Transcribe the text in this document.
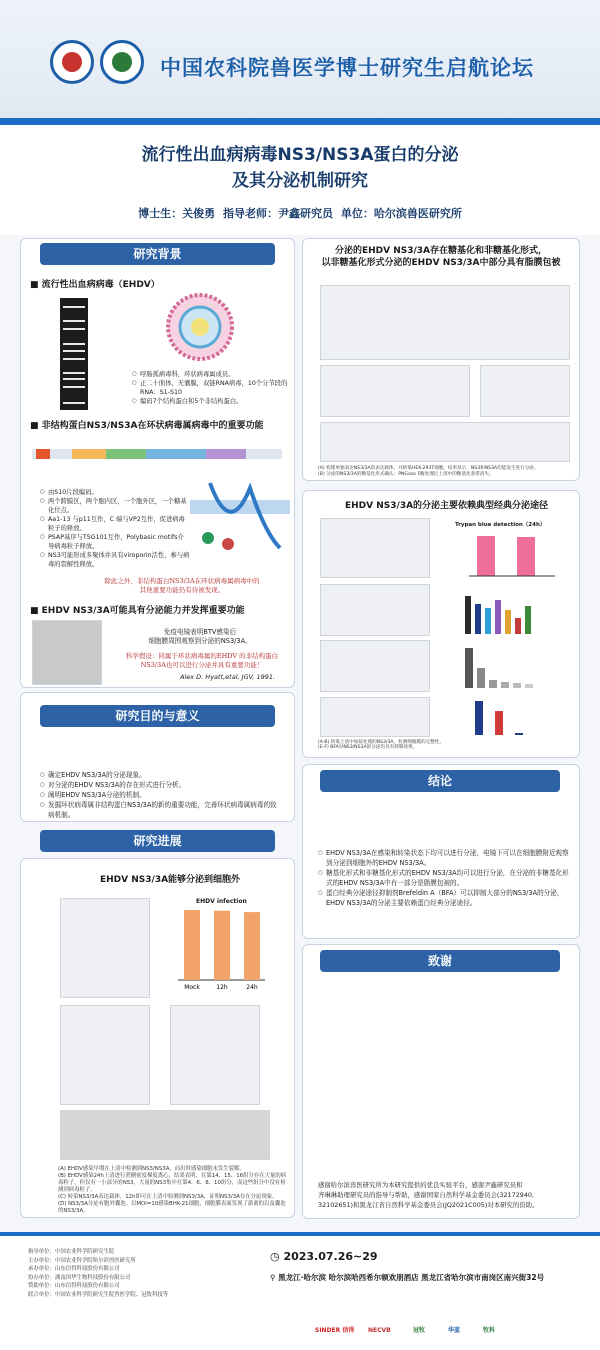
中国农科院兽医学博士研究生启航论坛
流行性出血病病毒NS3/NS3A蛋白的分泌
及其分泌机制研究
博士生：关俊勇 指导老师：尹鑫研究员 单位：哈尔滨兽医研究所
研究背景
■ 流行性出血病病毒（EHDV）
○ 呼肠孤病毒科，环状病毒属成员。
○ 正二十面体，无囊膜，双链RNA病毒，10个分节段的RNA：S1-S10
○ 编码7个结构蛋白和5个非结构蛋白。
■ 非结构蛋白NS3/NS3A在环状病毒属病毒中的重要功能
○ 由S10片段编码。
○ 两个跨膜区，两个胞内区，一个胞外区，一个糖基化位点。
○ Aa1-13 与p11互作，C 端与VP2互作，促进病毒粒子的释放。
○ PSAP基序与TSG101互作，Polybasic motifs介导病毒粒子释放。
○ NS3可能形成多聚体并具有viroporin活性，参与病毒的裂解性释放。
除此之外，非结构蛋白NS3/3A在环状病毒属病毒中的
其他重要功能仍有待被发现。
■ EHDV NS3/3A可能具有分泌能力并发挥重要功能
免疫电镜表明BTV感染后
细胞膜周围观察到分泌的NS3/3A。
科学假设：同属于环状病毒属的EHDV 的非结构蛋白
NS3/3A也可以进行分泌并具有重要功能！
Alex D. Hyatt,etal, JGV, 1991.
研究目的与意义
○ 确定EHDV NS3/3A的分泌现象。
○ 对分泌的EHDV NS3/3A的存在形式进行分析。
○ 阐明EHDV NS3/3A分泌的机制。
○ 发掘环状病毒属非结构蛋白NS3/3A的新的重要功能，完善环状病毒属病毒的致病机制。
研究进展
EHDV NS3/3A能够分泌到细胞外
EHDV infection
Mock	12h	24h
(A) EHDV感染早期在上清中检测到NS3/NS3A，而出时感染细胞未发生裂解。
(B) EHDV感染24h上清进行蔗糖密度梯度离心，结果表明，在第14、15、16组分存在大量的病毒粒子，但仅有一小部分的NS3，大量的NS3集中在第4、6、8、10组分，而这些组分中没有检测到病毒粒子。
(C) 转染NS3/3A表达载体，12h即可在上清中检测到NS3/3A，证明NS3/3A存在分泌现象。
(D) NS3/3A分泌有胞外囊泡。以MOI=10感染BHK-21细胞，细胞膜表面发现了游离的以及囊泡的NS3/3A。
分泌的EHDV NS3/3A存在糖基化和非糖基化形式，
以非糖基化形式分泌的EHDV NS3/3A中部分具有脂膜包被
(A) 构建单独表达NS3/3A的表达载体，并转染HEK-293T细胞，结果显示，NS3和NS3A均能发生进行分泌。
(B) 分泌的NS3/3A的糖基化形式确认：PNGase F酶处理后上清中的糖基化条带消失。
EHDV NS3/3A的分泌主要依赖典型经典分泌途径
Trypan blue detection（24h）
(A-B) 转染上清中加盐处理的NS3/3A，检测细胞膜的完整性。
(E-F) BFA对NS3/NS3A的分泌均具有抑制效果。
结论
○ EHDV NS3/3A在感染和转染状态下均可以进行分泌，电镜下可以在细胞膜附近观察到分泌到细胞外的EHDV NS3/3A。
○ 糖基化形式和非糖基化形式的EHDV NS3/3A均可以进行分泌，在分泌的非糖基化形式的EHDV NS3/3A中有一部分是脂膜包被的。
○ 蛋白经典分泌途径抑制剂Brefeldin A（BFA）可以抑制大部分的NS3/3A的分泌，EHDV NS3/3A的分泌主要依赖蛋白经典分泌途径。
致谢
感谢哈尔滨兽医研究所为本研究提供的优良实验平台，感谢尹鑫研究员和
齐琳琳助理研究员的指导与帮助，感谢国家自然科学基金委员会(32172940,
32102651)和黑龙江省自然科学基金委员会(JQ2021C005)对本研究的资助。
指导单位：中国农业科学院研究生院
主办单位：中国农业科学院哈尔滨兽医研究所
承办单位：山东信得科技股份有限公司
协办单位：湖南国华生物科技股份有限公司
赞助单位：山东信得科技股份有限公司
联合单位：中国农业科学院研究生院兽医学院、冠牧科技等
◷ 2023.07.26~29
⚲ 黑龙江·哈尔滨 哈尔滨哈西希尔顿欢朋酒店 黑龙江省哈尔滨市南岗区南兴街32号
SINDER 信得	NECVB	冠牧	华蓝	牧科
